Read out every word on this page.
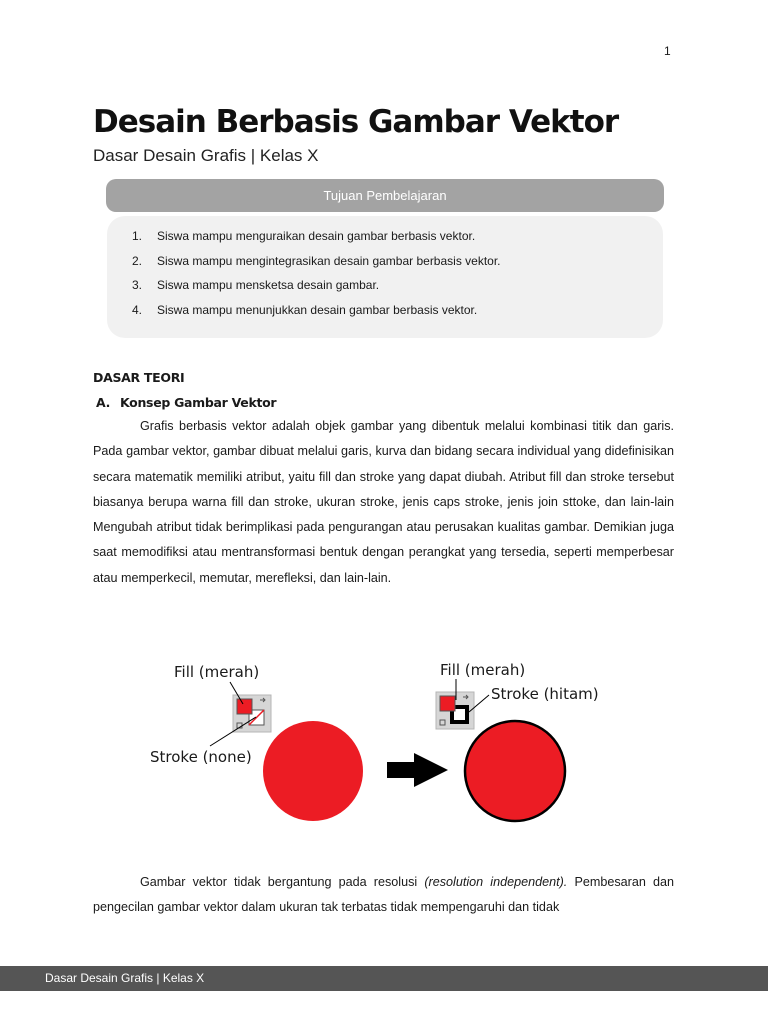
1
Desain Berbasis Gambar Vektor
Dasar Desain Grafis | Kelas X
Tujuan Pembelajaran
1.	Siswa mampu menguraikan desain gambar berbasis vektor.
2.	Siswa mampu mengintegrasikan desain gambar berbasis vektor.
3.	Siswa mampu mensketsa desain gambar.
4.	Siswa mampu menunjukkan desain gambar berbasis vektor.
DASAR TEORI
A. Konsep Gambar Vektor

Grafis berbasis vektor adalah objek gambar yang dibentuk melalui kombinasi titik dan garis. Pada gambar vektor, gambar dibuat melalui garis, kurva dan bidang secara individual yang didefinisikan secara matematik memiliki atribut, yaitu fill dan stroke yang dapat diubah. Atribut fill dan stroke tersebut biasanya berupa warna fill dan stroke, ukuran stroke, jenis caps stroke, jenis join sttoke, dan lain-lain Mengubah atribut tidak berimplikasi pada pengurangan atau perusakan kualitas gambar. Demikian juga saat memodifiksi atau mentransformasi bentuk dengan perangkat yang tersedia, seperti memperbesar atau memperkecil, memutar, merefleksi, dan lain-lain.

Fill (merah)
Stroke (none)
Fill (merah)
Stroke (hitam)

Gambar vektor tidak bergantung pada resolusi (resolution independent). Pembesaran dan pengecilan gambar vektor dalam ukuran tak terbatas tidak mempengaruhi dan tidak

Dasar Desain Grafis | Kelas X
